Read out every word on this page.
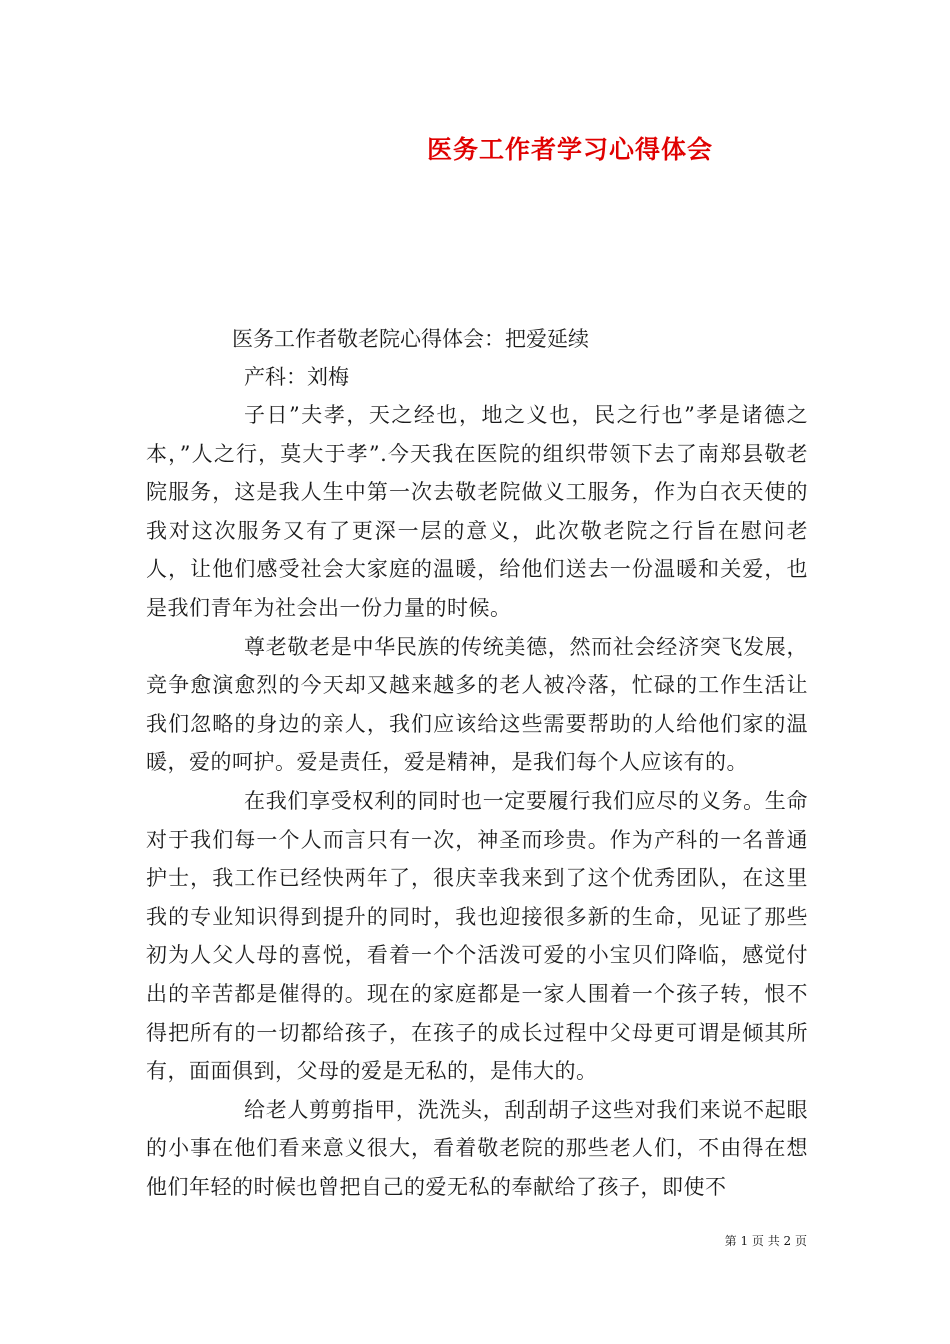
医务工作者学习心得体会
医务工作者敬老院心得体会：把爱延续
产科：刘梅

子日”夫孝，天之经也，地之义也，民之行也”孝是诸德之本，”人之行，莫大于孝”.今天我在医院的组织带领下去了南郑县敬老院服务，这是我人生中第一次去敬老院做义工服务，作为白衣天使的我对这次服务又有了更深一层的意义，此次敬老院之行旨在慰问老人，让他们感受社会大家庭的温暖，给他们送去一份温暖和关爱，也是我们青年为社会出一份力量的时候。

尊老敬老是中华民族的传统美德，然而社会经济突飞发展，竞争愈演愈烈的今天却又越来越多的老人被冷落，忙碌的工作生活让我们忽略的身边的亲人，我们应该给这些需要帮助的人给他们家的温暖，爱的呵护。爱是责任，爱是精神，是我们每个人应该有的。

在我们享受权利的同时也一定要履行我们应尽的义务。生命对于我们每一个人而言只有一次，神圣而珍贵。作为产科的一名普通护士，我工作已经快两年了，很庆幸我来到了这个优秀团队，在这里我的专业知识得到提升的同时，我也迎接很多新的生命，见证了那些初为人父人母的喜悦，看着一个个活泼可爱的小宝贝们降临，感觉付出的辛苦都是催得的。现在的家庭都是一家人围着一个孩子转，恨不得把所有的一切都给孩子，在孩子的成长过程中父母更可谓是倾其所有，面面俱到，父母的爱是无私的，是伟大的。

给老人剪剪指甲，洗洗头，刮刮胡子这些对我们来说不起眼的小事在他们看来意义很大，看着敬老院的那些老人们，不由得在想他们年轻的时候也曾把自己的爱无私的奉献给了孩子，即使不

第 1 页 共 2 页
